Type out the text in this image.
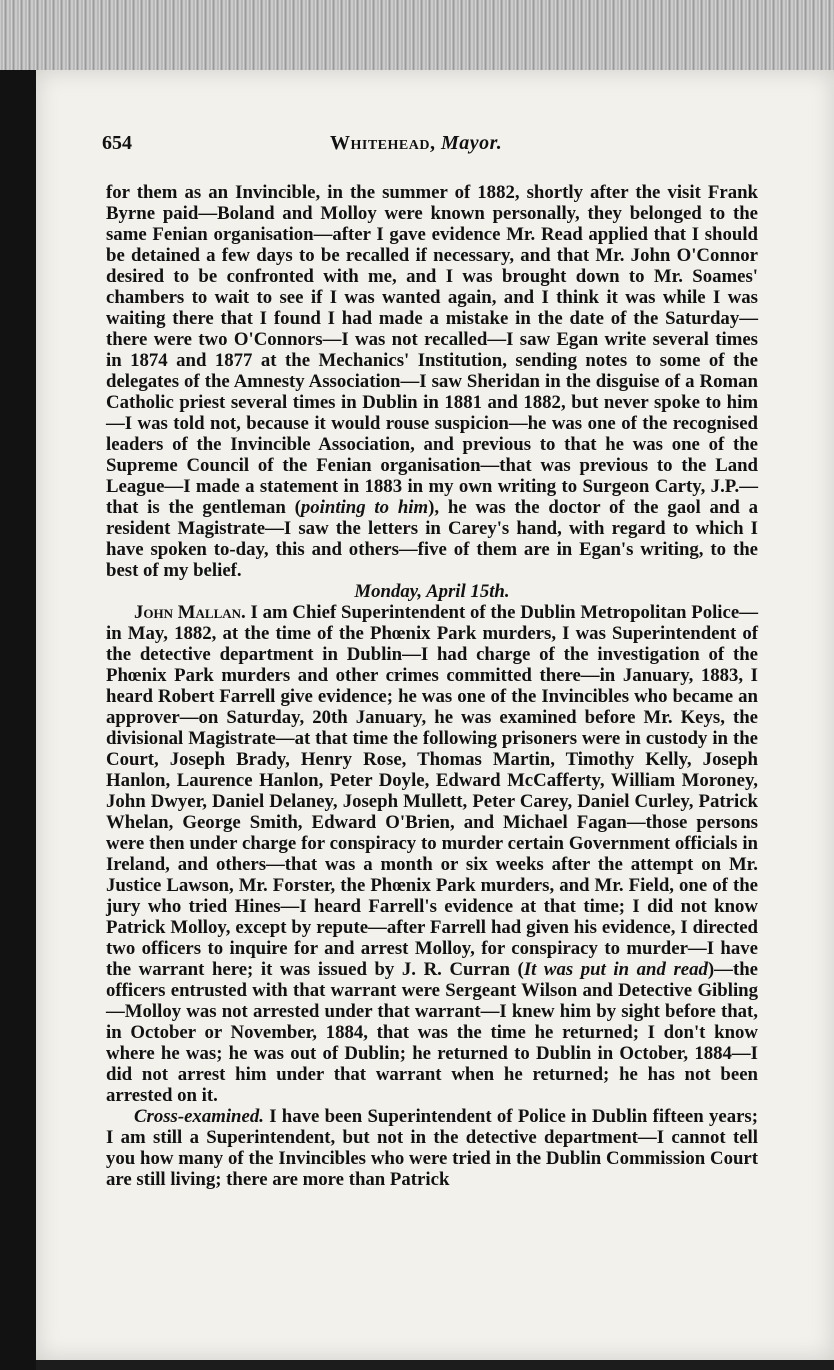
654	Whitehead, Mayor.

for them as an Invincible, in the summer of 1882, shortly after the visit Frank Byrne paid—Boland and Molloy were known personally, they belonged to the same Fenian organisation—after I gave evidence Mr. Read applied that I should be detained a few days to be recalled if necessary, and that Mr. John O'Connor desired to be confronted with me, and I was brought down to Mr. Soames' chambers to wait to see if I was wanted again, and I think it was while I was waiting there that I found I had made a mistake in the date of the Saturday—there were two O'Connors—I was not recalled—I saw Egan write several times in 1874 and 1877 at the Mechanics' Institution, sending notes to some of the delegates of the Amnesty Association—I saw Sheridan in the disguise of a Roman Catholic priest several times in Dublin in 1881 and 1882, but never spoke to him—I was told not, because it would rouse suspicion—he was one of the recognised leaders of the Invincible Association, and previous to that he was one of the Supreme Council of the Fenian organisation—that was previous to the Land League—I made a statement in 1883 in my own writing to Surgeon Carty, J.P.—that is the gentleman (pointing to him), he was the doctor of the gaol and a resident Magistrate—I saw the letters in Carey's hand, with regard to which I have spoken to-day, this and others—five of them are in Egan's writing, to the best of my belief.

Monday, April 15th.

John Mallan. I am Chief Superintendent of the Dublin Metropolitan Police—in May, 1882, at the time of the Phœnix Park murders, I was Superintendent of the detective department in Dublin—I had charge of the investigation of the Phœnix Park murders and other crimes committed there—in January, 1883, I heard Robert Farrell give evidence; he was one of the Invincibles who became an approver—on Saturday, 20th January, he was examined before Mr. Keys, the divisional Magistrate—at that time the following prisoners were in custody in the Court, Joseph Brady, Henry Rose, Thomas Martin, Timothy Kelly, Joseph Hanlon, Laurence Hanlon, Peter Doyle, Edward McCafferty, William Moroney, John Dwyer, Daniel Delaney, Joseph Mullett, Peter Carey, Daniel Curley, Patrick Whelan, George Smith, Edward O'Brien, and Michael Fagan—those persons were then under charge for conspiracy to murder certain Government officials in Ireland, and others—that was a month or six weeks after the attempt on Mr. Justice Lawson, Mr. Forster, the Phœnix Park murders, and Mr. Field, one of the jury who tried Hines—I heard Farrell's evidence at that time; I did not know Patrick Molloy, except by repute—after Farrell had given his evidence, I directed two officers to inquire for and arrest Molloy, for conspiracy to murder—I have the warrant here; it was issued by J. R. Curran (It was put in and read)—the officers entrusted with that warrant were Sergeant Wilson and Detective Gibling—Molloy was not arrested under that warrant—I knew him by sight before that, in October or November, 1884, that was the time he returned; I don't know where he was; he was out of Dublin; he returned to Dublin in October, 1884—I did not arrest him under that warrant when he returned; he has not been arrested on it.

Cross-examined. I have been Superintendent of Police in Dublin fifteen years; I am still a Superintendent, but not in the detective department—I cannot tell you how many of the Invincibles who were tried in the Dublin Commission Court are still living; there are more than Patrick
